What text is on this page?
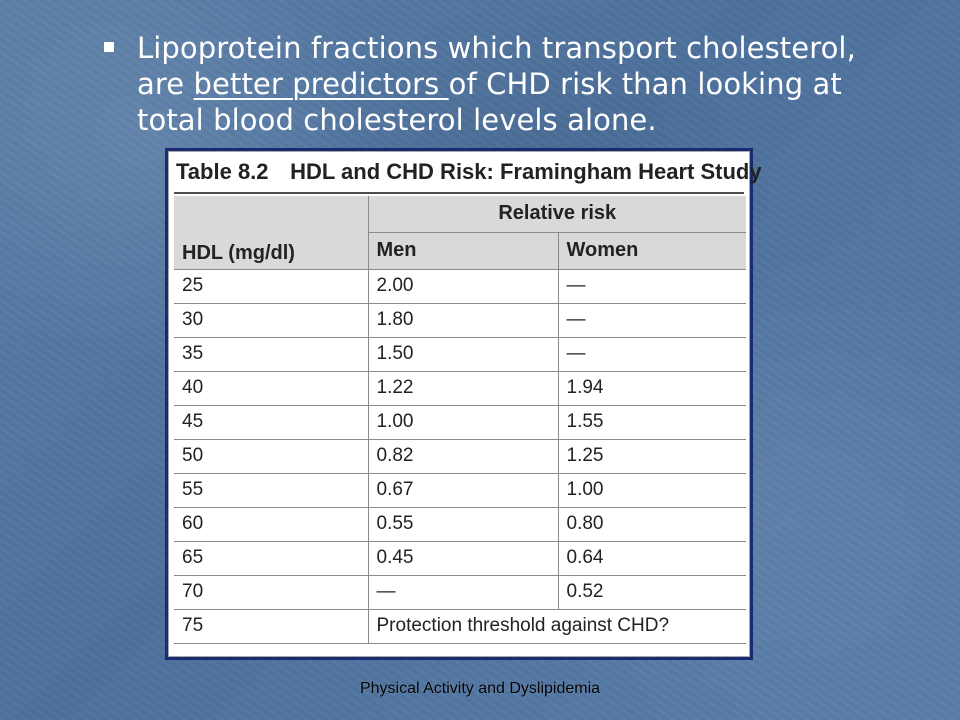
Lipoprotein fractions which transport cholesterol, are better predictors of CHD risk than looking at total blood cholesterol levels alone.
Table 8.2 HDL and CHD Risk: Framingham Heart Study
HDL (mg/dl)	Relative risk	
	Men	Women
25	2.00	—
30	1.80	—
35	1.50	—
40	1.22	1.94
45	1.00	1.55
50	0.82	1.25
55	0.67	1.00
60	0.55	0.80
65	0.45	0.64
70	—	0.52
75	Protection threshold against CHD?	
Physical Activity and Dyslipidemia
